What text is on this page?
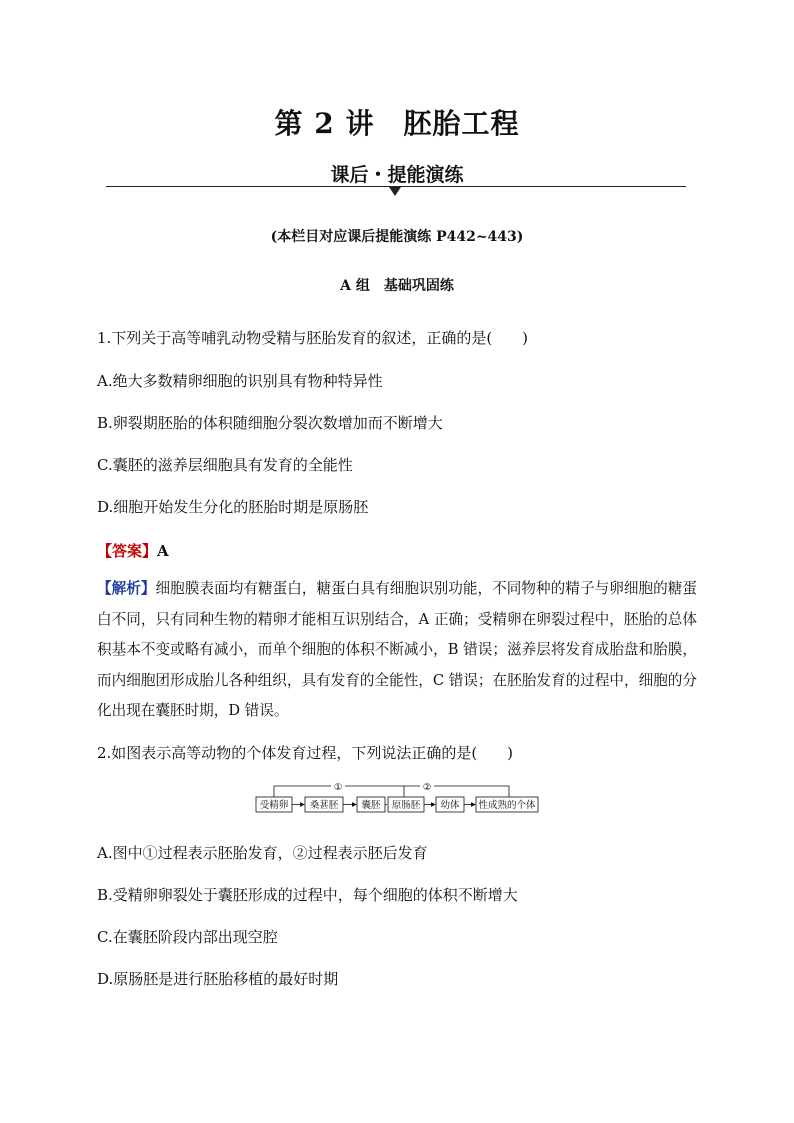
第 2 讲　胚胎工程
课后・提能演练
(本栏目对应课后提能演练 P442~443)
A 组　基础巩固练
1.下列关于高等哺乳动物受精与胚胎发育的叙述，正确的是(　　)
A.绝大多数精卵细胞的识别具有物种特异性
B.卵裂期胚胎的体积随细胞分裂次数增加而不断增大
C.囊胚的滋养层细胞具有发育的全能性
D.细胞开始发生分化的胚胎时期是原肠胚
【答案】A
【解析】细胞膜表面均有糖蛋白，糖蛋白具有细胞识别功能，不同物种的精子与卵细胞的糖蛋白不同，只有同种生物的精卵才能相互识别结合，A 正确；受精卵在卵裂过程中，胚胎的总体积基本不变或略有减小，而单个细胞的体积不断减小，B 错误；滋养层将发育成胎盘和胎膜，而内细胞团形成胎儿各种组织，具有发育的全能性，C 错误；在胚胎发育的过程中，细胞的分化出现在囊胚时期，D 错误。
2.如图表示高等动物的个体发育过程，下列说法正确的是(　　)
①	②
受精卵 桑葚胚 囊胚 原肠胚 幼体 性成熟的个体
A.图中①过程表示胚胎发育，②过程表示胚后发育
B.受精卵卵裂处于囊胚形成的过程中，每个细胞的体积不断增大
C.在囊胚阶段内部出现空腔
D.原肠胚是进行胚胎移植的最好时期
